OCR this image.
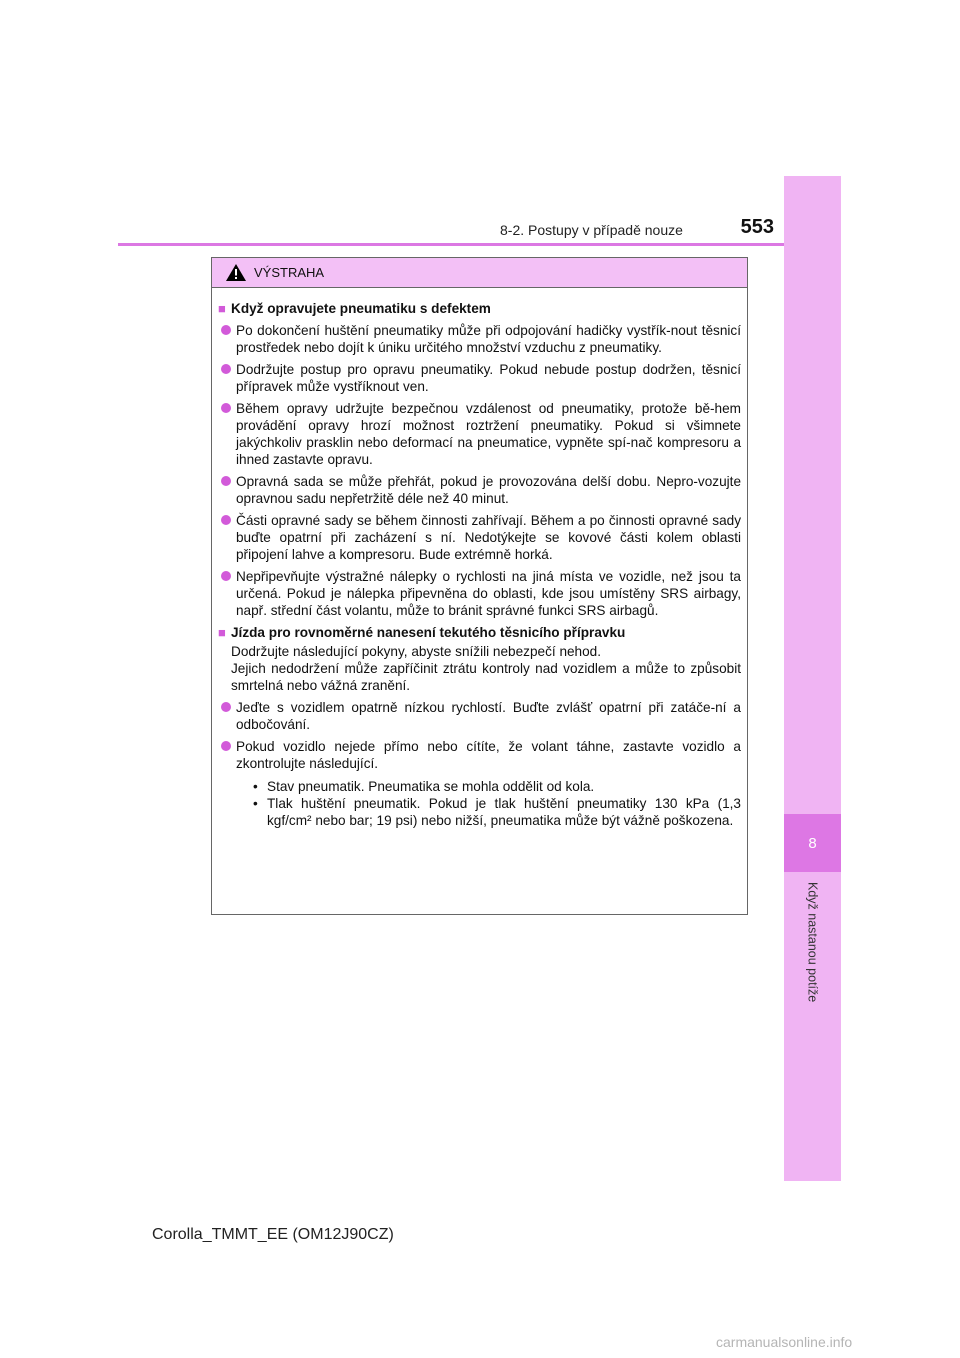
8
Když nastanou potíže
8-2. Postupy v případě nouze	553
VÝSTRAHA
■ Když opravujete pneumatiku s defektem
Po dokončení huštění pneumatiky může při odpojování hadičky vystřík-nout těsnicí prostředek nebo dojít k úniku určitého množství vzduchu z pneumatiky.
Dodržujte postup pro opravu pneumatiky. Pokud nebude postup dodržen, těsnicí přípravek může vystříknout ven.
Během opravy udržujte bezpečnou vzdálenost od pneumatiky, protože bě-hem provádění opravy hrozí možnost roztržení pneumatiky. Pokud si všimnete jakýchkoliv prasklin nebo deformací na pneumatice, vypněte spí-nač kompresoru a ihned zastavte opravu.
Opravná sada se může přehřát, pokud je provozována delší dobu. Nepro-vozujte opravnou sadu nepřetržitě déle než 40 minut.
Části opravné sady se během činnosti zahřívají. Během a po činnosti opravné sady buďte opatrní při zacházení s ní. Nedotýkejte se kovové části kolem oblasti připojení lahve a kompresoru. Bude extrémně horká.
Nepřipevňujte výstražné nálepky o rychlosti na jiná místa ve vozidle, než jsou ta určená. Pokud je nálepka připevněna do oblasti, kde jsou umístěny SRS airbagy, např. střední část volantu, může to bránit správné funkci SRS airbagů.
■ Jízda pro rovnoměrné nanesení tekutého těsnicího přípravku
Dodržujte následující pokyny, abyste snížili nebezpečí nehod.
Jejich nedodržení může zapříčinit ztrátu kontroly nad vozidlem a může to způsobit smrtelná nebo vážná zranění.
Jeďte s vozidlem opatrně nízkou rychlostí. Buďte zvlášť opatrní při zatáče-ní a odbočování.
Pokud vozidlo nejede přímo nebo cítíte, že volant táhne, zastavte vozidlo a zkontrolujte následující.
• Stav pneumatik. Pneumatika se mohla oddělit od kola.
• Tlak huštění pneumatik. Pokud je tlak huštění pneumatiky 130 kPa (1,3 kgf/cm² nebo bar; 19 psi) nebo nižší, pneumatika může být vážně poškozena.
Corolla_TMMT_EE (OM12J90CZ)
carmanualsonline.info
